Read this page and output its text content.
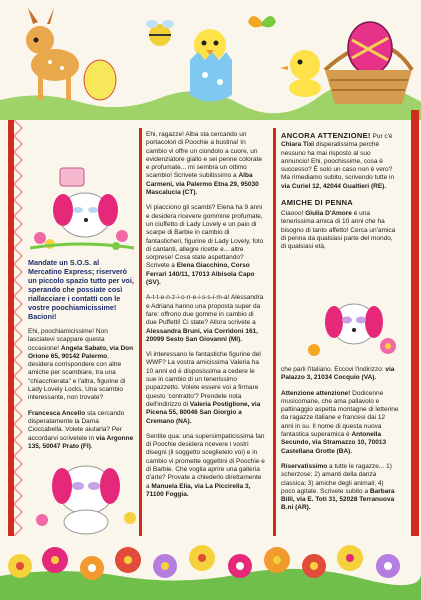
Mandate un S.O.S. al Mercatino Express; riserverò un piccolo spazio tutto per voi, sperando che possiate così riallacciare i contatti con le vostre poochiamicissime! Bacioni!

Ehi, poochiamicissime! Non lasciatevi scappare questa occasione! Angela Sabato, via Don Orione 65, 90142 Palermo, desidera corrispondere con altre amiche per scambiare, tra una "chiacchierata" e l'altra, figurine di Lady Lovely Locks. Una scambio interessante, non trovate?

Francesca Ancello sta cercando disperatamente la Dama Cioccabella. Volete aiutarla? Per accordarvi scrivetele in via Argonne 135, 50047 Prato (FI).

Ehi, ragazze! Alba sta cercando un portacolori di Poochie a bustina! In cambio vi offre un ciondolo a cuore, un evidenziatore giallo e sei penne colorate e profumate... mi sembra un ottimo scambio! Scrivete subitissimo a Alba Carmeni, via Palermo Etna 29, 95030 Mascalucia (CT).

Vi piacciono gli scambi? Elena ha 9 anni e desidera ricevere gommine profumate, un ciuffetto di Lady Lovely e un paio di scarpe di Barbie in cambio di fantasticheri, figurine di Lady Lovely, foto di cantanti, allegre ricette e... altre sorprese! Cosa state aspettando? Scrivete a Elena Giacchino, Corso Ferrari 140/11, 17013 Albisola Capo (SV).

A-t-t-e-n-z-i-o-n-e-i-s-s-i-m-a! Alessandra e Adriana hanno una proposta super da fare: offrono due gomme in cambio di due Puffetti! Ci state? Allora scrivete a Alessandra Bruni, via Corridoni 161, 20099 Sesto San Giovanni (MI).

Vi interessano le fantastiche figurine del WWF? La vostra amicissima Valeria ha 10 anni ed è disposissima a cedere le sue in cambio di un tenerissimo pupazzetto. Volete essere voi a firmare questo 'contratto'? Prendete nota dell'indirizzo di Valeria Postiglione, via Picena 55, 80046 San Giorgio a Cremano (NA).

Sentite qua: una supersimpaticissima fan di Poochie desidera ricevere i vostri disegni (il soggetto sceglietelo voi) e in cambio vi promette oggettini di Poochie e di Barbie. Che voglia aprire una galleria d'arte? Provate a chiederlo direttamente a Manuela Elia, via La Piccirella 3, 71100 Foggia.

ANCORA ATTENZIONE! Pur c'è Chiara Tixi disperatissima perché nessuno ha mai risposto al suo annuncio! Ehi, poochissime, cosa è successo? È solo un caso non è vero? Ma rimediamo subito, scrivendo tutte in via Curiel 12, 42044 Gualtieri (RE).

AMICHE DI PENNA

Ciaooo! Giulia D'Amore è una tenerissima amica di 10 anni che ha bisogno di tanto affetto! Cerca un'amica di penna da qualsiasi parte del mondo, di qualsiasi età,

che parli l'italiano. Eccovi l'indirizzo: via Palazzo 3, 21034 Cocquio (VA).

Attenzione attenzione! Dodicenne musicomane, che ama pallavolo e pattinaggio aspetta montagne di letterine da ragazze italiane e francesi dai 12 anni in su. Il nome di questa nuova fantastica superamica è Antonella Secundo, via Stramazzo 10, 70013 Castellana Grotte (BA).

Riservatissimo a tutte le ragazze... 1) scherzose; 2) amanti della danza classica; 3) amiche degli animali; 4) poco agitate. Scrivete subito a Barbara Billi, via E. Toti 31, 52028 Terranuova B.ni (AR).
